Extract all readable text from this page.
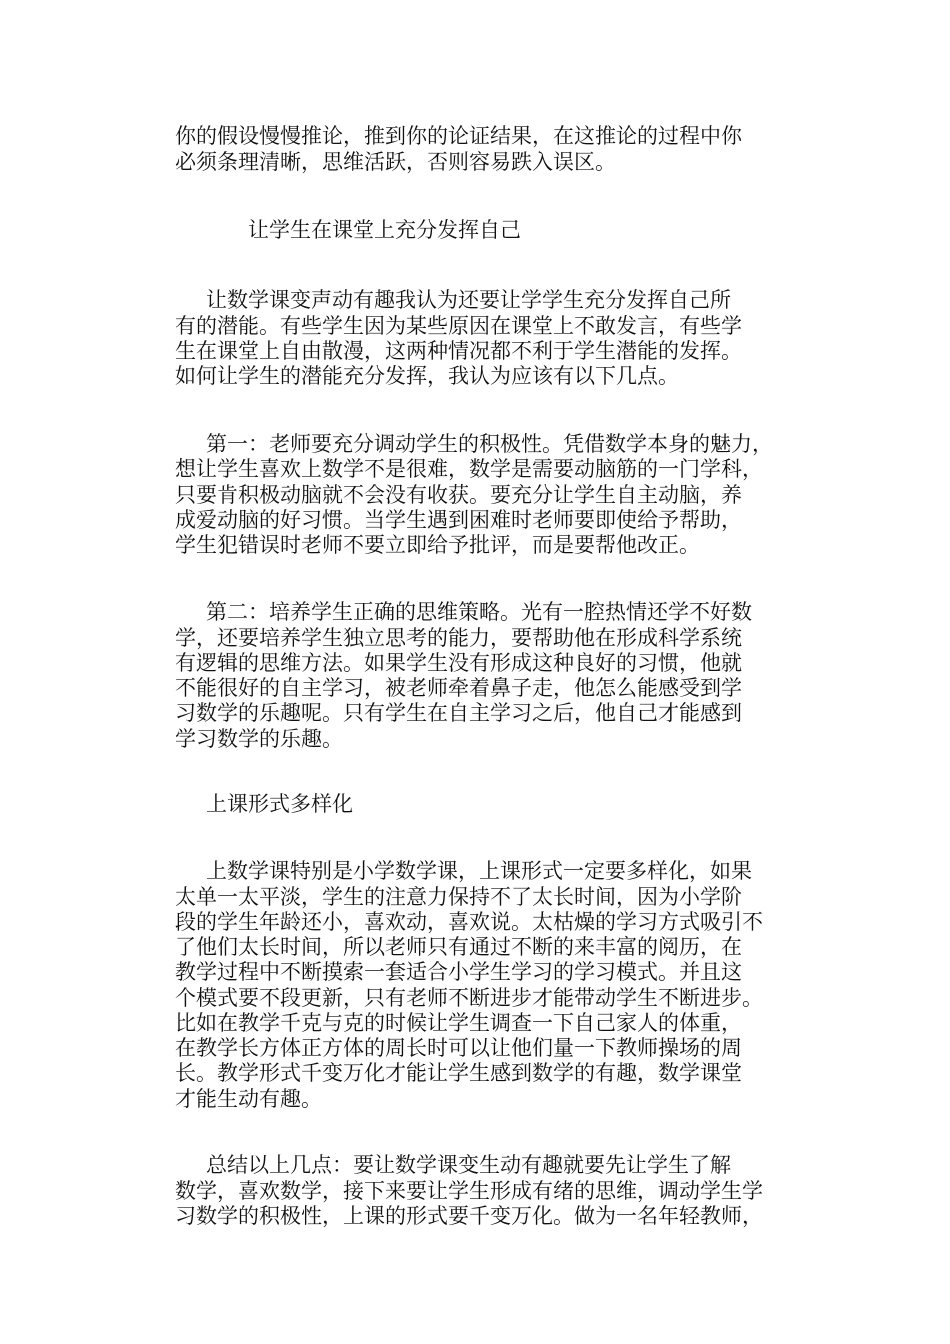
你的假设慢慢推论，推到你的论证结果，在这推论的过程中你
必须条理清晰，思维活跃，否则容易跌入误区。
让学生在课堂上充分发挥自己
让数学课变声动有趣我认为还要让学学生充分发挥自己所
有的潜能。有些学生因为某些原因在课堂上不敢发言，有些学
生在课堂上自由散漫，这两种情况都不利于学生潜能的发挥。
如何让学生的潜能充分发挥，我认为应该有以下几点。
第一：老师要充分调动学生的积极性。凭借数学本身的魅力，
想让学生喜欢上数学不是很难，数学是需要动脑筋的一门学科，
只要肯积极动脑就不会没有收获。要充分让学生自主动脑，养
成爱动脑的好习惯。当学生遇到困难时老师要即使给予帮助，
学生犯错误时老师不要立即给予批评，而是要帮他改正。
第二：培养学生正确的思维策略。光有一腔热情还学不好数
学，还要培养学生独立思考的能力，要帮助他在形成科学系统
有逻辑的思维方法。如果学生没有形成这种良好的习惯，他就
不能很好的自主学习，被老师牵着鼻子走，他怎么能感受到学
习数学的乐趣呢。只有学生在自主学习之后，他自己才能感到
学习数学的乐趣。
上课形式多样化
上数学课特别是小学数学课，上课形式一定要多样化，如果
太单一太平淡，学生的注意力保持不了太长时间，因为小学阶
段的学生年龄还小，喜欢动，喜欢说。太枯燥的学习方式吸引不
了他们太长时间，所以老师只有通过不断的来丰富的阅历，在
教学过程中不断摸索一套适合小学生学习的学习模式。并且这
个模式要不段更新，只有老师不断进步才能带动学生不断进步。
比如在教学千克与克的时候让学生调查一下自己家人的体重，
在教学长方体正方体的周长时可以让他们量一下教师操场的周
长。教学形式千变万化才能让学生感到数学的有趣，数学课堂
才能生动有趣。
总结以上几点：要让数学课变生动有趣就要先让学生了解
数学，喜欢数学，接下来要让学生形成有绪的思维，调动学生学
习数学的积极性，上课的形式要千变万化。做为一名年轻教师，
